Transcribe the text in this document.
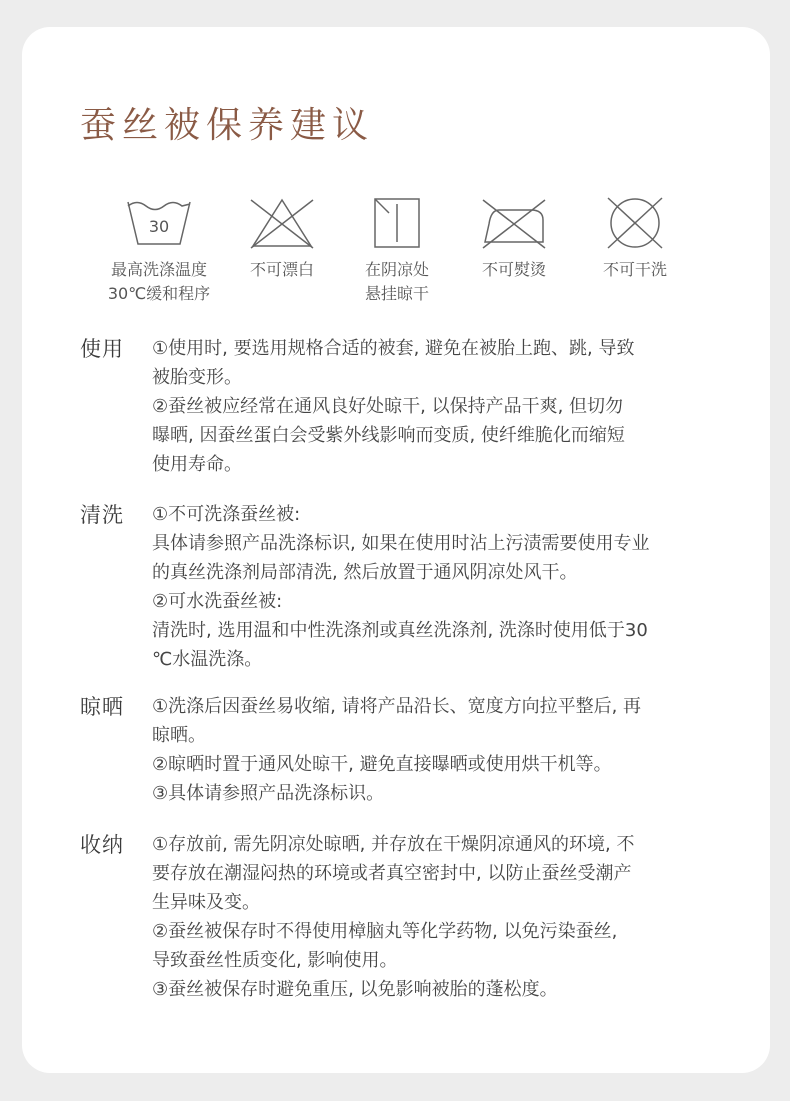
蚕丝被保养建议
30
最高洗涤温度
30℃缓和程序
不可漂白	在阴凉处
悬挂晾干
不可熨烫	不可干洗
使用 ①使用时, 要选用规格合适的被套, 避免在被胎上跑、跳, 导致
被胎变形。
②蚕丝被应经常在通风良好处晾干, 以保持产品干爽, 但切勿
曝晒, 因蚕丝蛋白会受紫外线影响而变质, 使纤维脆化而缩短
使用寿命。
清洗 ①不可洗涤蚕丝被:
具体请参照产品洗涤标识, 如果在使用时沾上污渍需要使用专业
的真丝洗涤剂局部清洗, 然后放置于通风阴凉处风干。
②可水洗蚕丝被:
清洗时, 选用温和中性洗涤剂或真丝洗涤剂, 洗涤时使用低于30
℃水温洗涤。
晾晒 ①洗涤后因蚕丝易收缩, 请将产品沿长、宽度方向拉平整后, 再
晾晒。
②晾晒时置于通风处晾干, 避免直接曝晒或使用烘干机等。
③具体请参照产品洗涤标识。
收纳 ①存放前, 需先阴凉处晾晒, 并存放在干燥阴凉通风的环境, 不
要存放在潮湿闷热的环境或者真空密封中, 以防止蚕丝受潮产
生异味及变。
②蚕丝被保存时不得使用樟脑丸等化学药物, 以免污染蚕丝,
导致蚕丝性质变化, 影响使用。
③蚕丝被保存时避免重压, 以免影响被胎的蓬松度。
